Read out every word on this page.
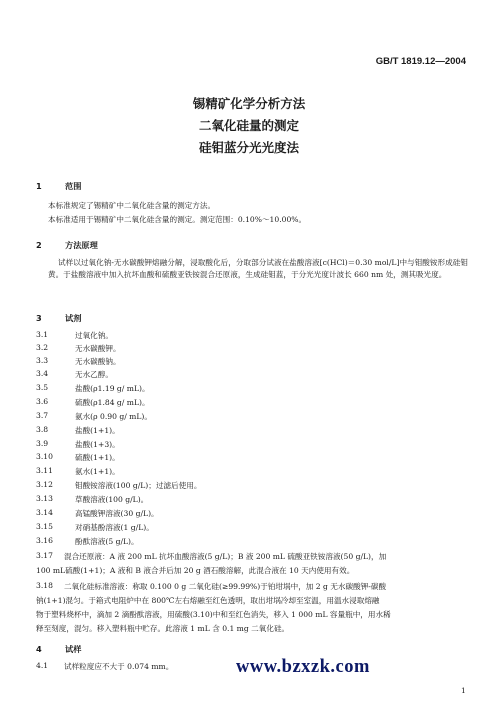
GB/T 1819.12—2004
锡精矿化学分析方法
二氧化硅量的测定
硅钼蓝分光光度法
1	范围
本标准规定了锡精矿中二氧化硅含量的测定方法。
本标准适用于锡精矿中二氧化硅含量的测定。测定范围：0.10%～10.00%。
2	方法原理
试样以过氧化钠-无水碳酸钾熔融分解，浸取酸化后，分取部分试液在盐酸溶液[c(HCl)＝0.30 mol/L]中与钼酸铵形成硅钼黄。于盐酸溶液中加入抗坏血酸和硫酸亚铁铵混合还原液，生成硅钼蓝，于分光光度计波长 660 nm 处，测其吸光度。
3	试剂
3.1	过氧化钠。
3.2	无水碳酸钾。
3.3	无水碳酸钠。
3.4	无水乙醇。
3.5	盐酸(ρ1.19 g/ mL)。
3.6	硫酸(ρ1.84 g/ mL)。
3.7	氨水(ρ 0.90 g/ mL)。
3.8	盐酸(1+1)。
3.9	盐酸(1+3)。
3.10	硫酸(1+1)。
3.11	氨水(1+1)。
3.12	钼酸铵溶液(100 g/L)；过滤后使用。
3.13	草酸溶液(100 g/L)。
3.14	高锰酸钾溶液(30 g/L)。
3.15	对硝基酚溶液(1 g/L)。
3.16	酚酞溶液(5 g/L)。
3.17 混合还原液：A 液 200 mL 抗坏血酸溶液(5 g/L)；B 液 200 mL 硫酸亚铁铵溶液(50 g/L)，加
100 mL硫酸(1+1)；A 液和 B 液合并后加 20 g 酒石酸溶解，此混合液在 10 天内使用有效。
3.18 二氧化硅标准溶液：称取 0.100 0 g 二氧化硅(≥99.99%)于铂坩埚中，加 2 g 无水碳酸钾-碳酸
钠(1+1)混匀。于箱式电阻炉中在 800℃左右熔融至红色透明，取出坩埚冷却至室温，用温水浸取熔融
物于塑料烧杯中，滴加 2 滴酚酞溶液，用硫酸(3.10)中和至红色消失，移入 1 000 mL 容量瓶中，用水稀
释至刻度，混匀。移入塑料瓶中贮存。此溶液 1 mL 含 0.1 mg 二氧化硅。
4	试样
4.1 试样粒度应不大于 0.074 mm。	www.bzxzk.com
1
